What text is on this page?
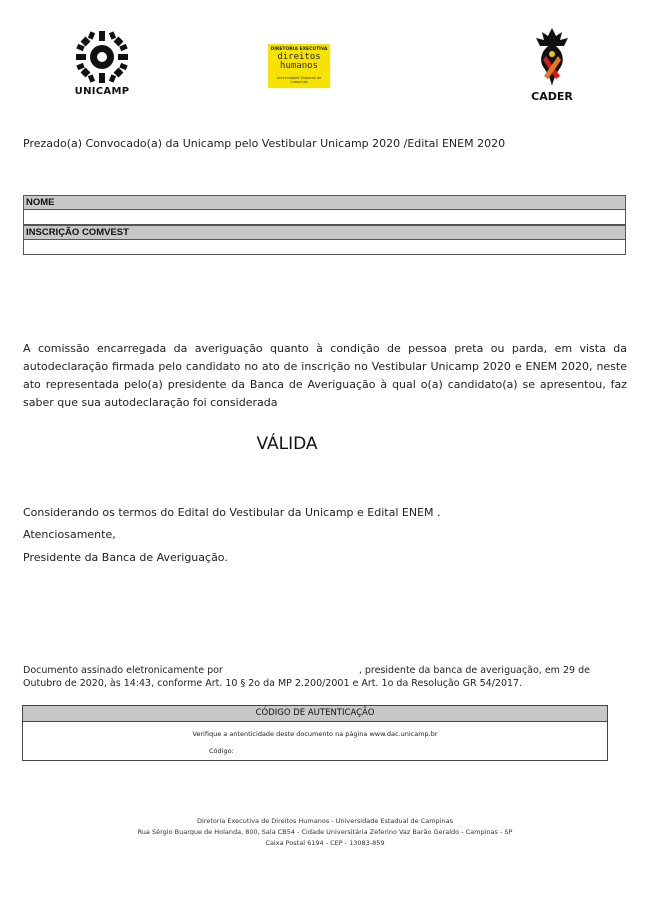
UNICAMP
DIRETORIA EXECUTIVA
direitos
humanos
Universidade Estadual de Campinas
CADER
Prezado(a) Convocado(a) da Unicamp pelo Vestibular Unicamp 2020 /Edital ENEM 2020
NOME
INSCRIÇÃO COMVEST
A comissão encarregada da averiguação quanto à condição de pessoa preta ou parda, em vista da autodeclaração firmada pelo candidato no ato de inscrição no Vestibular Unicamp 2020 e ENEM 2020, neste ato representada pelo(a) presidente da Banca de Averiguação à qual o(a) candidato(a) se apresentou, faz saber que sua autodeclaração foi considerada
VÁLIDA
Considerando os termos do Edital do Vestibular da Unicamp e Edital ENEM .
Atenciosamente,
Presidente da Banca de Averiguação.
Documento assinado eletronicamente por	, presidente da banca de averiguação, em 29 de Outubro de 2020, às 14:43, conforme Art. 10 § 2o da MP 2.200/2001 e Art. 1o da Resolução GR 54/2017.
CÓDIGO DE AUTENTICAÇÃO
Verifique a antenticidade deste documento na página www.dac.unicamp.br
Código:
Diretoria Executiva de Direitos Humanos - Universidade Estadual de Campinas
Rua Sérgio Buarque de Holanda, 800, Sala CB54 - Cidade Universitária Zeferino Vaz Barão Geraldo - Campinas - SP
Caixa Postal 6194 - CEP - 13083-859
